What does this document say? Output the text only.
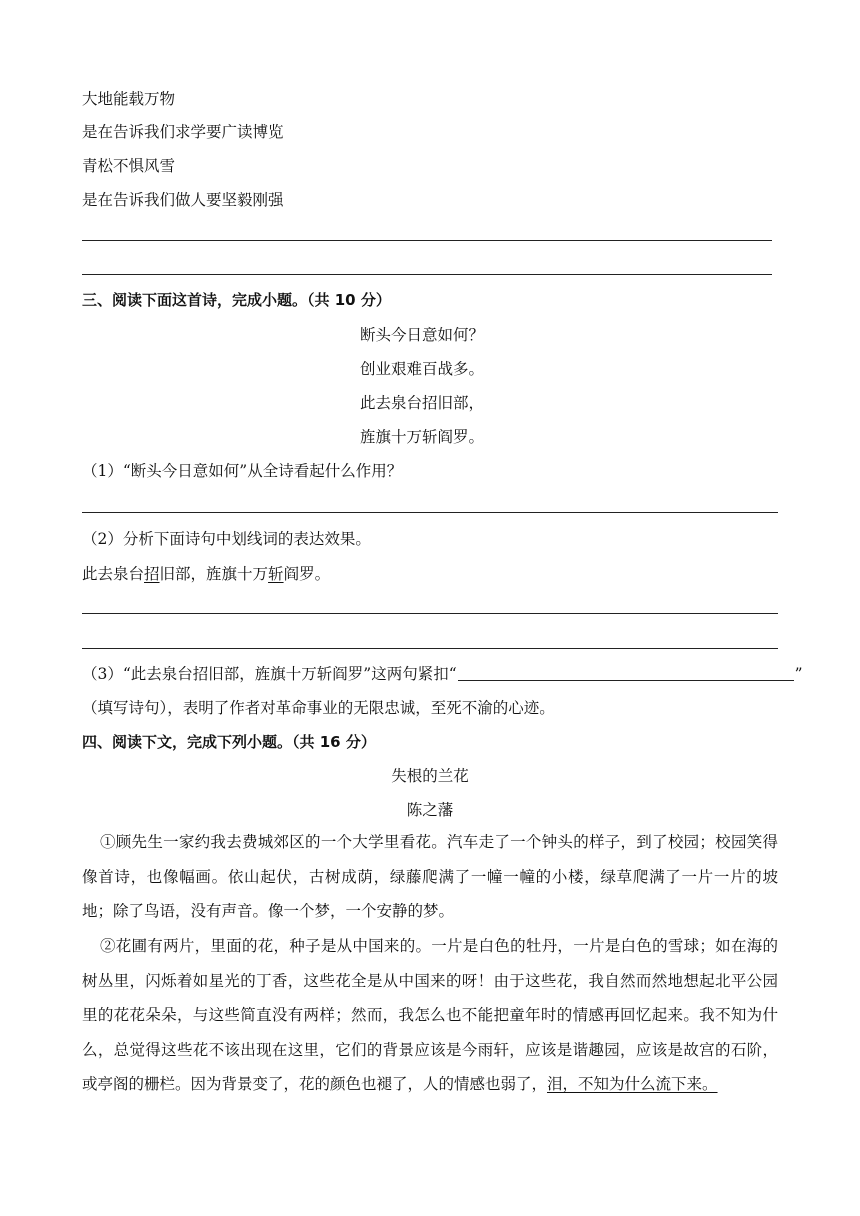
大地能载万物
是在告诉我们求学要广读博览
青松不惧风雪
是在告诉我们做人要坚毅刚强
三、阅读下面这首诗，完成小题。（共 10 分）
断头今日意如何？
创业艰难百战多。
此去泉台招旧部，
旌旗十万斩阎罗。
（1）“断头今日意如何”从全诗看起什么作用？
（2）分析下面诗句中划线词的表达效果。
此去泉台招旧部，旌旗十万斩阎罗。
（3）“此去泉台招旧部，旌旗十万斩阎罗”这两句紧扣“	”
（填写诗句），表明了作者对革命事业的无限忠诚，至死不渝的心迹。
四、阅读下文，完成下列小题。（共 16 分）
失根的兰花
陈之藩
①顾先生一家约我去费城郊区的一个大学里看花。汽车走了一个钟头的样子，到了校园；校园笑得像首诗，也像幅画。依山起伏，古树成荫，绿藤爬满了一幢一幢的小楼，绿草爬满了一片一片的坡地；除了鸟语，没有声音。像一个梦，一个安静的梦。
②花圃有两片，里面的花，种子是从中国来的。一片是白色的牡丹，一片是白色的雪球；如在海的树丛里，闪烁着如星光的丁香，这些花全是从中国来的呀！由于这些花，我自然而然地想起北平公园里的花花朵朵，与这些简直没有两样；然而，我怎么也不能把童年时的情感再回忆起来。我不知为什么，总觉得这些花不该出现在这里，它们的背景应该是今雨轩，应该是谐趣园，应该是故宫的石阶，或亭阁的栅栏。因为背景变了，花的颜色也褪了，人的情感也弱了，泪，不知为什么流下来。
